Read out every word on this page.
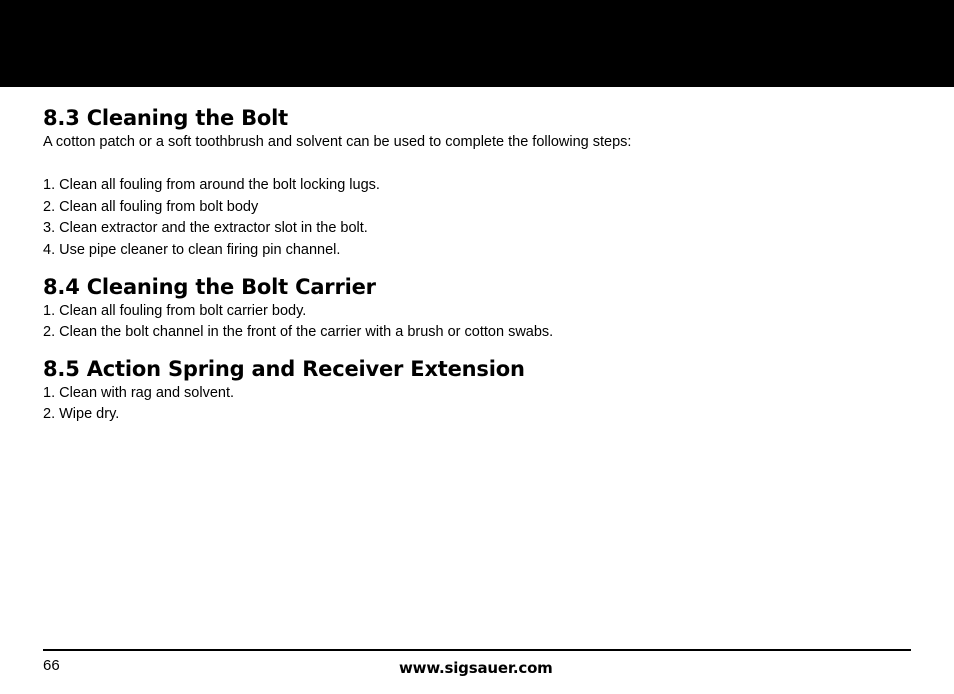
8.3 Cleaning the Bolt

A cotton patch or a soft toothbrush and solvent can be used to complete the following steps:

1. Clean all fouling from around the bolt locking lugs.

2. Clean all fouling from bolt body

3. Clean extractor and the extractor slot in the bolt.

4. Use pipe cleaner to clean firing pin channel.

8.4 Cleaning the Bolt Carrier

1. Clean all fouling from bolt carrier body.

2. Clean the bolt channel in the front of the carrier with a brush or cotton swabs.

8.5 Action Spring and Receiver Extension

1. Clean with rag and solvent.

2. Wipe dry.

66	www.sigsauer.com
